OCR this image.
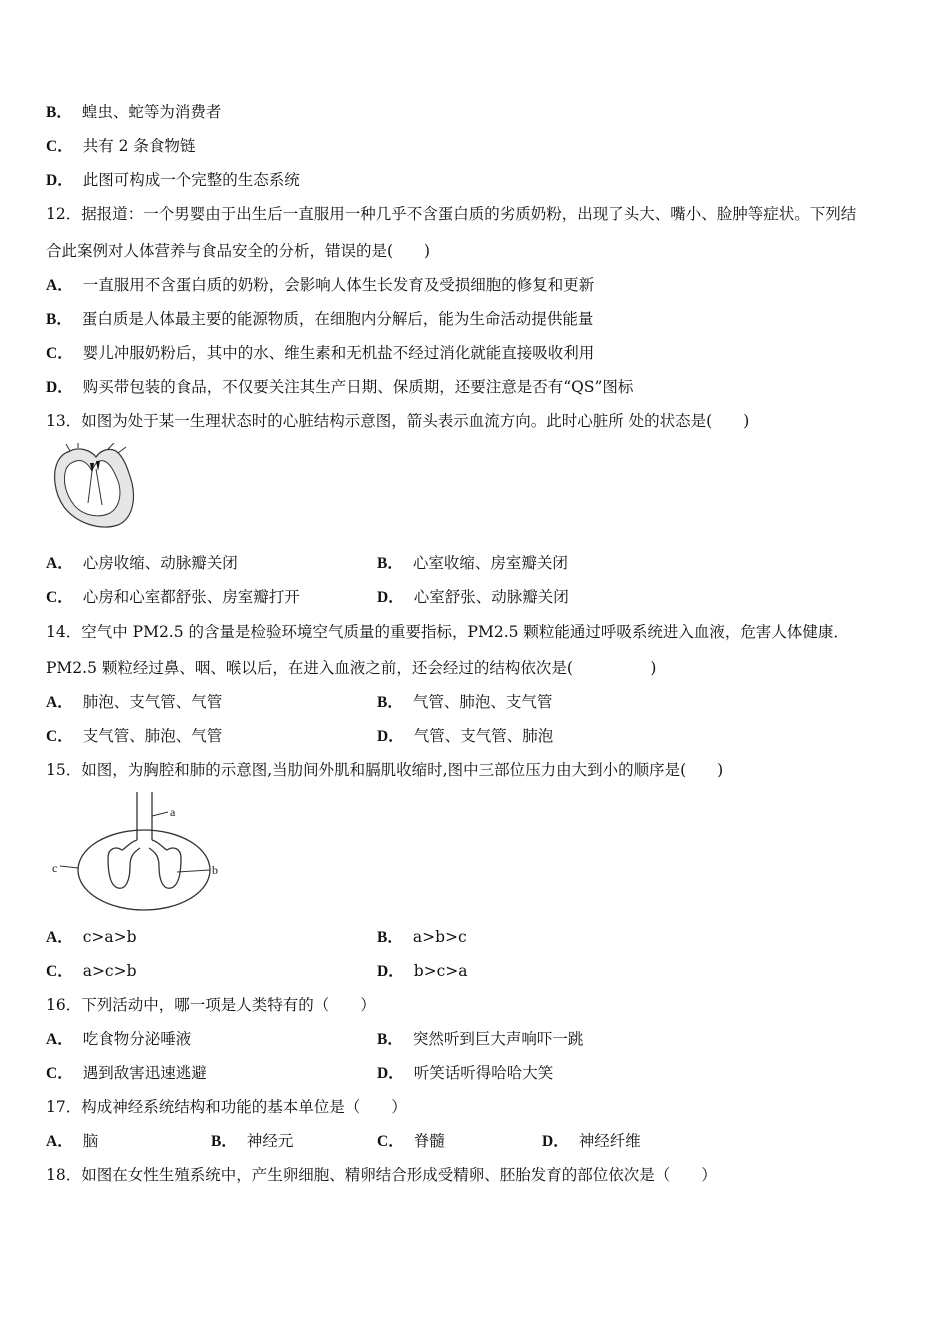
B． 蝗虫、蛇等为消费者
C． 共有 2 条食物链
D． 此图可构成一个完整的生态系统
12．据报道：一个男婴由于出生后一直服用一种几乎不含蛋白质的劣质奶粉，出现了头大、嘴小、脸肿等症状。下列结
合此案例对人体营养与食品安全的分析，错误的是(　　)
A． 一直服用不含蛋白质的奶粉，会影响人体生长发育及受损细胞的修复和更新
B． 蛋白质是人体最主要的能源物质，在细胞内分解后，能为生命活动提供能量
C． 婴儿冲服奶粉后，其中的水、维生素和无机盐不经过消化就能直接吸收利用
D． 购买带包装的食品，不仅要关注其生产日期、保质期，还要注意是否有“QS”图标
13．如图为处于某一生理状态时的心脏结构示意图，箭头表示血流方向。此时心脏所 处的状态是(　　)
A． 心房收缩、动脉瓣关闭	B． 心室收缩、房室瓣关闭
C． 心房和心室都舒张、房室瓣打开	D． 心室舒张、动脉瓣关闭
14．空气中 PM2.5 的含量是检验环境空气质量的重要指标，PM2.5 颗粒能通过呼吸系统进入血液，危害人体健康．
PM2.5 颗粒经过鼻、咽、喉以后，在进入血液之前，还会经过的结构依次是(　　　　　)
A． 肺泡、支气管、气管	B． 气管、肺泡、支气管
C． 支气管、肺泡、气管	D． 气管、支气管、肺泡
15．如图，为胸腔和肺的示意图,当肋间外肌和膈肌收缩时,图中三部位压力由大到小的顺序是(　　)
a
c	b
A． c>a>b	B． a>b>c
C． a>c>b	D． b>c>a
16．下列活动中，哪一项是人类特有的（　　）
A． 吃食物分泌唾液	B． 突然听到巨大声响吓一跳
C． 遇到敌害迅速逃避	D． 听笑话听得哈哈大笑
17．构成神经系统结构和功能的基本单位是（　　）
A． 脑	B． 神经元	C． 脊髓	D． 神经纤维
18．如图在女性生殖系统中，产生卵细胞、精卵结合形成受精卵、胚胎发育的部位依次是（　　）
